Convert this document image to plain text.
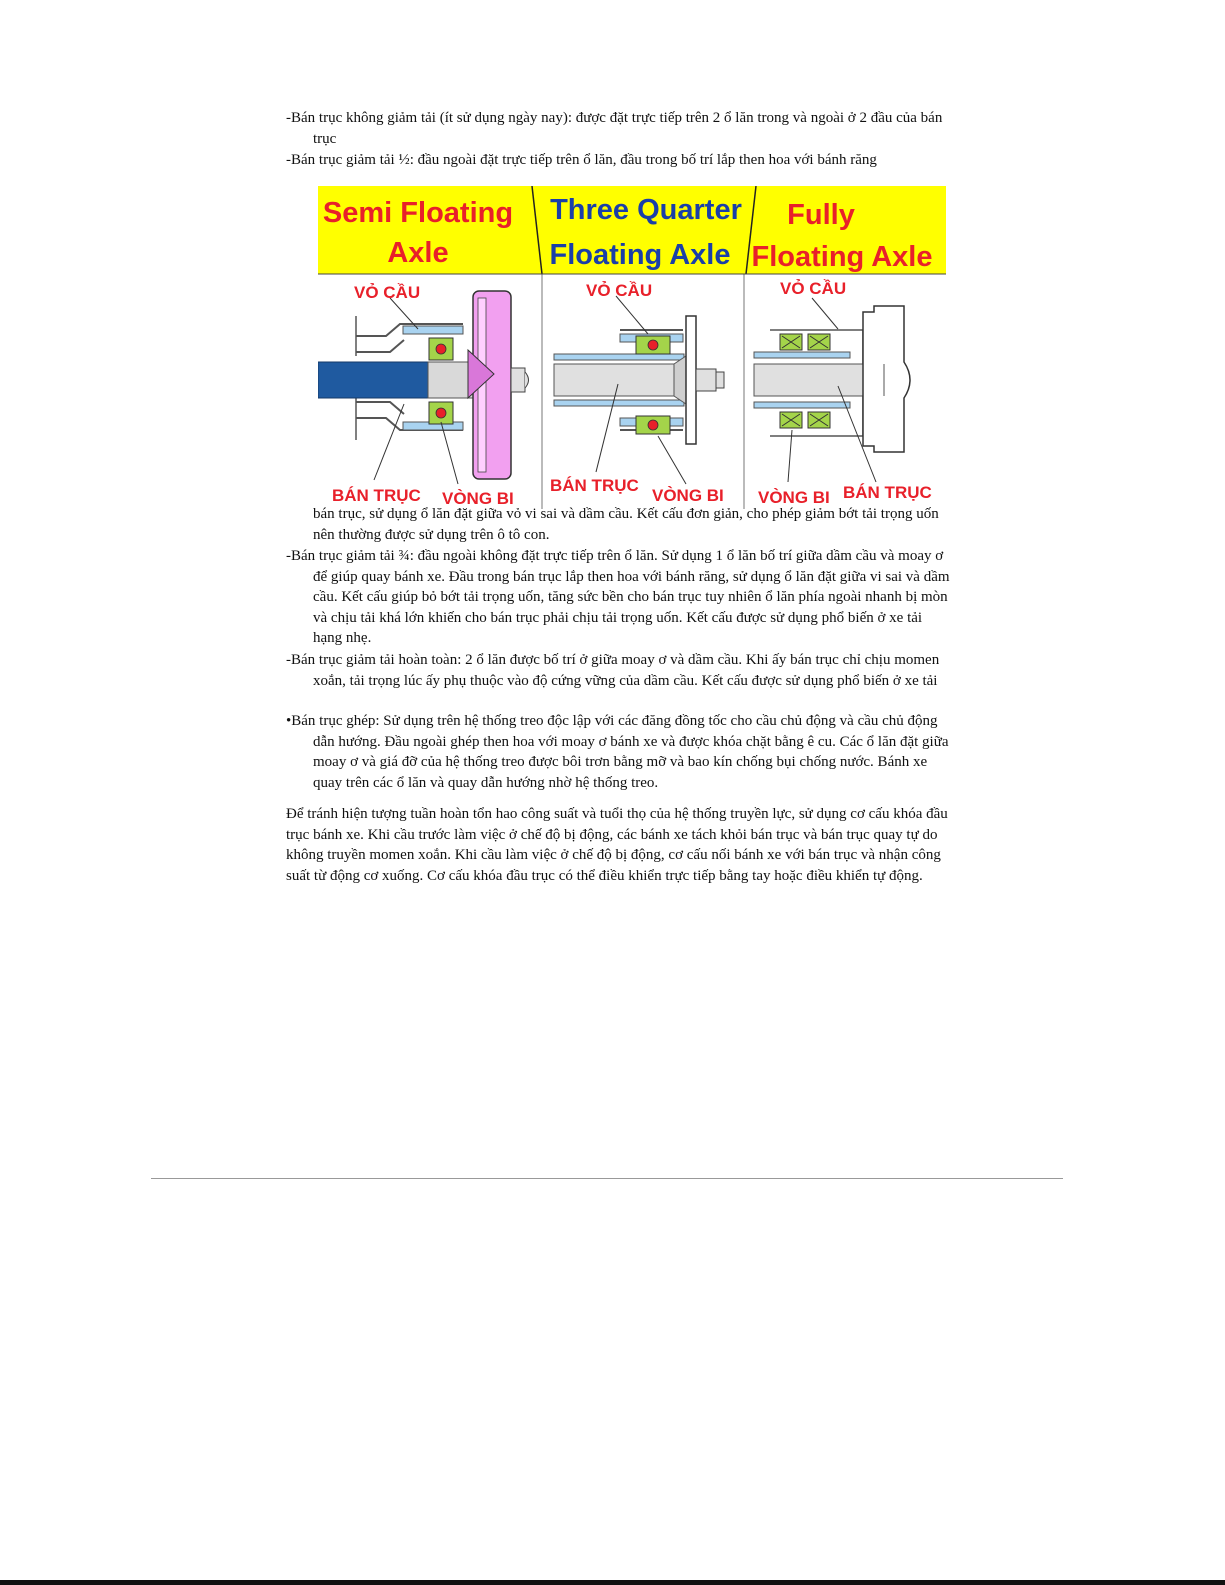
-Bán trục không giảm tải (ít sử dụng ngày nay): được đặt trực tiếp trên 2 ổ lăn trong và ngoài ở 2 đầu của bán trục
-Bán trục giảm tải ½: đầu ngoài đặt trực tiếp trên ổ lăn, đầu trong bố trí lắp then hoa với bánh răng
Semi Floating
Axle
Three Quarter
Floating Axle
Fully
Floating Axle
VỎ CẦU
BÁN TRỤC VÒNG BI
VỎ CẦU
BÁN TRỤC
VÒNG BI
VỎ CẦU
VÒNG BI BÁN TRỤC
bán trục, sử dụng ổ lăn đặt giữa vỏ vi sai và dầm cầu. Kết cấu đơn giản, cho phép giảm bớt tải trọng uốn nên thường được sử dụng trên ô tô con.
-Bán trục giảm tải ¾: đầu ngoài không đặt trực tiếp trên ổ lăn. Sử dụng 1 ổ lăn bố trí giữa dầm cầu và moay ơ để giúp quay bánh xe. Đầu trong bán trục lắp then hoa với bánh răng, sử dụng ổ lăn đặt giữa vi sai và dầm cầu. Kết cấu giúp bỏ bớt tải trọng uốn, tăng sức bền cho bán trục tuy nhiên ổ lăn phía ngoài nhanh bị mòn và chịu tải khá lớn khiến cho bán trục phải chịu tải trọng uốn. Kết cấu được sử dụng phổ biến ở xe tải hạng nhẹ.
-Bán trục giảm tải hoàn toàn: 2 ổ lăn được bố trí ở giữa moay ơ và dầm cầu. Khi ấy bán trục chỉ chịu momen xoắn, tải trọng lúc ấy phụ thuộc vào độ cứng vững của dầm cầu. Kết cấu được sử dụng phổ biến ở xe tải
•Bán trục ghép: Sử dụng trên hệ thống treo độc lập với các đăng đồng tốc cho cầu chủ động và cầu chủ động dẫn hướng. Đầu ngoài ghép then hoa với moay ơ bánh xe và được khóa chặt bằng ê cu. Các ổ lăn đặt giữa moay ơ và giá đỡ của hệ thống treo được bôi trơn bằng mỡ và bao kín chống bụi chống nước. Bánh xe quay trên các ổ lăn và quay dẫn hướng nhờ hệ thống treo.
Để tránh hiện tượng tuần hoàn tổn hao công suất và tuổi thọ của hệ thống truyền lực, sử dụng cơ cấu khóa đầu trục bánh xe. Khi cầu trước làm việc ở chế độ bị động, các bánh xe tách khỏi bán trục và bán trục quay tự do không truyền momen xoắn. Khi cầu làm việc ở chế độ bị động, cơ cấu nối bánh xe với bán trục và nhận công suất từ động cơ xuống. Cơ cấu khóa đầu trục có thể điều khiển trực tiếp bằng tay hoặc điều khiển tự động.
